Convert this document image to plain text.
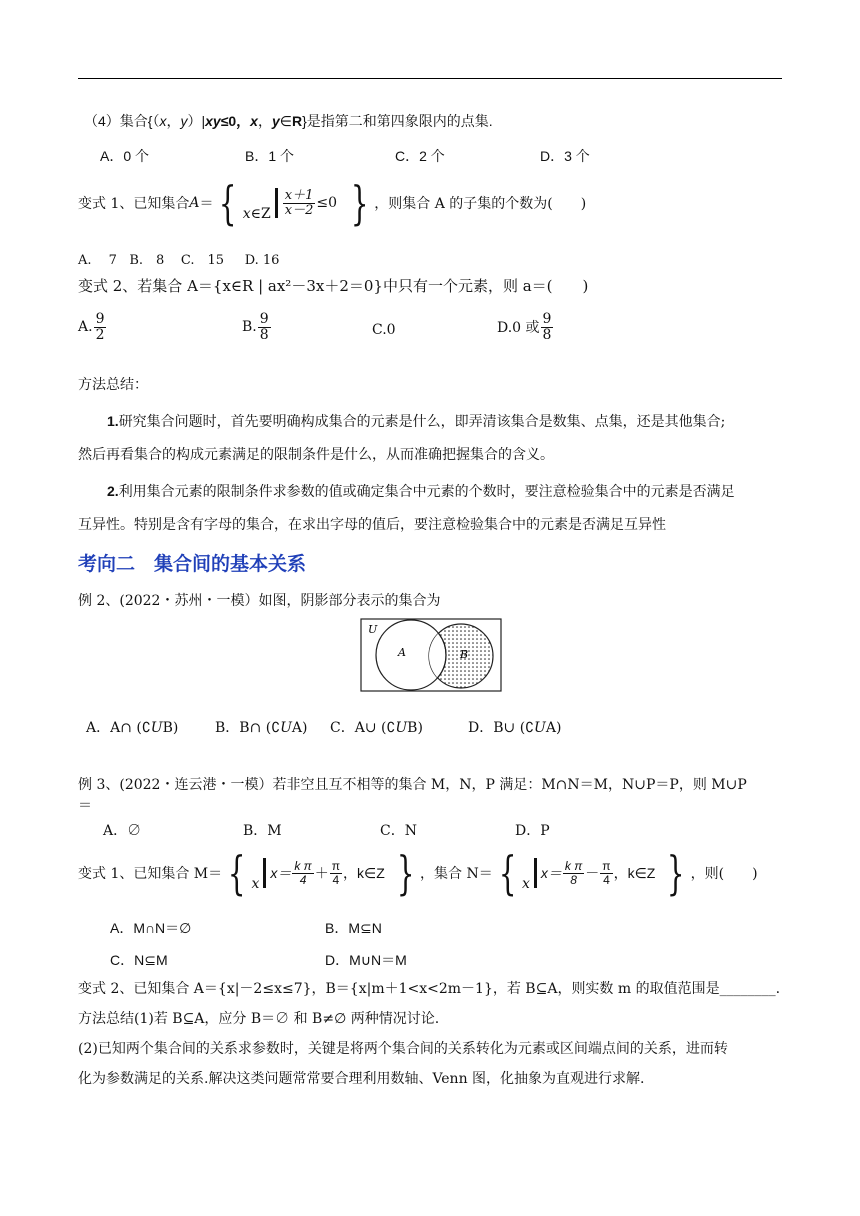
（4）集合{（x，y）|xy≤0，x，y∈R}是指第二和第四象限内的点集.
A．0 个	B．1 个	C．2 个	D．3 个
变式 1、已知集合 A ＝ { x∈Z $\frac{x+1}{x-2} \le 0$ } ，则集合 A 的子集的个数为(　　)
A.　 7 B.　8 C.　15 D. 16
变式 2、若集合 A＝{x∈R | ax²－3x＋2＝0}中只有一个元素，则 a＝(　　)
A. $\frac{9}{2}$	B. $\frac{9}{8}$	C.0	D.0 或 $\frac{9}{8}$
方法总结：
1.研究集合问题时，首先要明确构成集合的元素是什么，即弄清该集合是数集、点集，还是其他集合;
然后再看集合的构成元素满足的限制条件是什么，从而准确把握集合的含义。
2.利用集合元素的限制条件求参数的值或确定集合中元素的个数时，要注意检验集合中的元素是否满足
互异性。特别是含有字母的集合，在求出字母的值后，要注意检验集合中的元素是否满足互异性
考向二　集合间的基本关系
例 2、(2022・苏州・一模）如图，阴影部分表示的集合为
U
A	B
A．A∩ (∁𝑈B)	B．B∩ (∁𝑈A) C．A∪ (∁𝑈B)	D．B∪ (∁𝑈A)
例 3、(2022・连云港・一模）若非空且互不相等的集合 M，N，P 满足：M∩N＝M，N∪P＝P，则 M∪P
＝
A．∅	B．M	C．N	D．P
变式 1、已知集合 M＝ { x
$x= \frac{\text{k π}}{4} + \frac{\pi}{4}$ ，k∈Z } ，集合 N＝ { x
$x= \frac{\text{k π}}{8} - \frac{\pi}{4}$ ，k∈Z } ，则(　　)
A．M∩N＝∅	B．M⊆N
C．N⊆M	D．M∪N＝M
变式 2、已知集合 A＝{x|－2≤x≤7}，B＝{x|m＋1<x<2m－1}，若 B⊆A，则实数 m 的取值范围是________.
方法总结(1)若 B⊆A，应分 B＝∅ 和 B≠∅ 两种情况讨论.
(2)已知两个集合间的关系求参数时，关键是将两个集合间的关系转化为元素或区间端点间的关系，进而转
化为参数满足的关系.解决这类问题常常要合理利用数轴、Venn 图，化抽象为直观进行求解.
